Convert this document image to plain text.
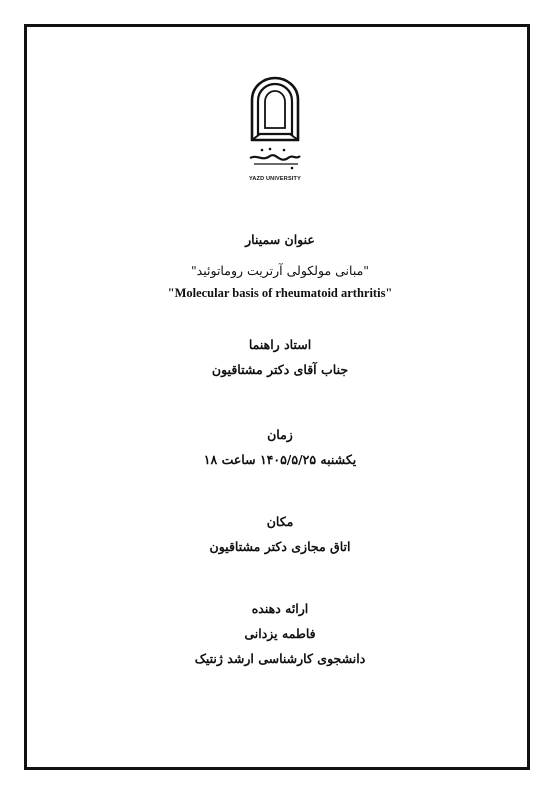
YAZD UNIVERSITY
عنوان سمینار
"مبانی مولکولی آرتریت روماتوئید"
"Molecular basis of rheumatoid arthritis"
استاد راهنما
جناب آقای دکتر مشتاقیون
زمان
یکشنبه ۱۴۰۵/۵/۲۵ ساعت ۱۸
مکان
اتاق مجازی دکتر مشتاقیون
ارائه دهنده
فاطمه یزدانی
دانشجوی کارشناسی ارشد ژنتیک
